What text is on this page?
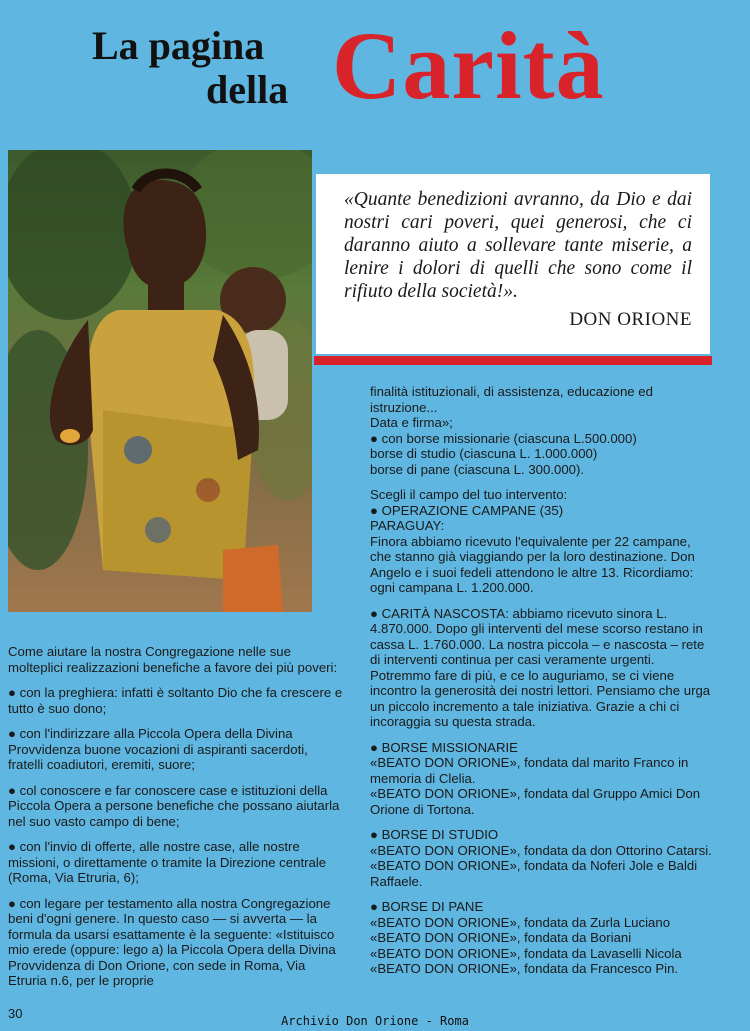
La pagina
della Carità

«Quante benedizioni avranno, da Dio e dai nostri cari poveri, quei generosi, che ci daranno aiuto a sollevare tante miserie, a lenire i dolori di quelli che sono come il rifiuto della società!».

DON ORIONE

Come aiutare la nostra Congregazione nelle sue molteplici realizzazioni benefiche a favore dei più poveri:

● con la preghiera: infatti è soltanto Dio che fa crescere e tutto è suo dono;

● con l'indirizzare alla Piccola Opera della Divina Provvidenza buone vocazioni di aspiranti sacerdoti, fratelli coadiutori, eremiti, suore;

● col conoscere e far conoscere case e istituzioni della Piccola Opera a persone benefiche che possano aiutarla nel suo vasto campo di bene;

● con l'invio di offerte, alle nostre case, alle nostre missioni, o direttamente o tramite la Direzione centrale (Roma, Via Etruria, 6);

● con legare per testamento alla nostra Congregazione beni d'ogni genere. In questo caso — si avverta — la formula da usarsi esattamente è la seguente: «Istituisco mio erede (oppure: lego a) la Piccola Opera della Divina Provvidenza di Don Orione, con sede in Roma, Via Etruria n.6, per le proprie

finalità istituzionali, di assistenza, educazione ed istruzione...

Data e firma»;

● con borse missionarie (ciascuna L.500.000)

borse di studio (ciascuna L. 1.000.000)

borse di pane (ciascuna L. 300.000).

Scegli il campo del tuo intervento:

● OPERAZIONE CAMPANE (35)

PARAGUAY:

Finora abbiamo ricevuto l'equivalente per 22 campane, che stanno già viaggiando per la loro destinazione. Don Angelo e i suoi fedeli attendono le altre 13. Ricordiamo: ogni campana L. 1.200.000.

● CARITÀ NASCOSTA: abbiamo ricevuto sinora L. 4.870.000. Dopo gli interventi del mese scorso restano in cassa L. 1.760.000. La nostra piccola – e nascosta – rete di interventi continua per casi veramente urgenti. Potremmo fare di più, e ce lo auguriamo, se ci viene incontro la generosità dei nostri lettori. Pensiamo che urga un piccolo incremento a tale iniziativa. Grazie a chi ci incoraggia su questa strada.

● BORSE MISSIONARIE

«BEATO DON ORIONE», fondata dal marito Franco in memoria di Clelia.

«BEATO DON ORIONE», fondata dal Gruppo Amici Don Orione di Tortona.

● BORSE DI STUDIO

«BEATO DON ORIONE», fondata da don Ottorino Catarsi.

«BEATO DON ORIONE», fondata da Noferi Jole e Baldi Raffaele.

● BORSE DI PANE

«BEATO DON ORIONE», fondata da Zurla Luciano

«BEATO DON ORIONE», fondata da Boriani

«BEATO DON ORIONE», fondata da Lavaselli Nicola

«BEATO DON ORIONE», fondata da Francesco Pin.

30	Archivio Don Orione - Roma
